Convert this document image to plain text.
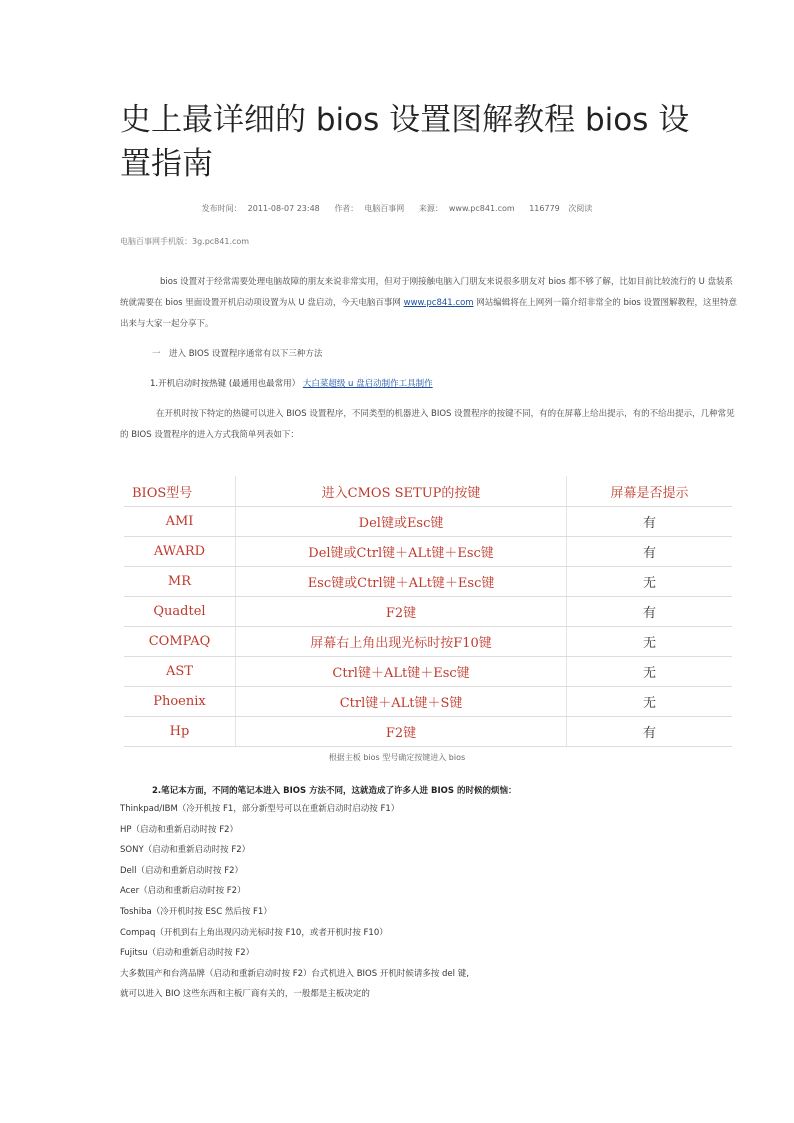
史上最详细的 bios 设置图解教程 bios 设置指南
发布时间： 2011-08-07 23:48 作者： 电脑百事网 来源： www.pc841.com 116779 次阅读
电脑百事网手机版：3g.pc841.com
bios 设置对于经常需要处理电脑故障的朋友来说非常实用，但对于刚接触电脑入门朋友来说很多朋友对 bios 都不够了解，比如目前比较流行的 U 盘装系统就需要在 bios 里面设置开机启动项设置为从 U 盘启动，今天电脑百事网 www.pc841.com 网站编辑将在上网列一篇介绍非常全的 bios 设置图解教程，这里特意出来与大家一起分享下。
一　进入 BIOS 设置程序通常有以下三种方法
1.开机启动时按热键 (最通用也最常用） 大白菜超级 u 盘启动制作工具制作
在开机时按下特定的热键可以进入 BIOS 设置程序，不同类型的机器进入 BIOS 设置程序的按键不同，有的在屏幕上给出提示，有的不给出提示，几种常见的 BIOS 设置程序的进入方式我简单列表如下：
BIOS型号	进入CMOS SETUP的按键	屏幕是否提示
AMI	Del键或Esc键	有
AWARD	Del键或Ctrl键＋ALt键＋Esc键	有
MR	Esc键或Ctrl键＋ALt键＋Esc键	无
Quadtel	F2键	有
COMPAQ	屏幕右上角出现光标时按F10键	无
AST	Ctrl键＋ALt键＋Esc键	无
Phoenix	Ctrl键＋ALt键＋S键	无
Hp	F2键	有
根据主板 bios 型号确定按键进入 bios
2.笔记本方面，不同的笔记本进入 BIOS 方法不同，这就造成了许多人进 BIOS 的时候的烦恼：
Thinkpad/IBM（冷开机按 F1，部分新型号可以在重新启动时启动按 F1）
HP（启动和重新启动时按 F2）
SONY（启动和重新启动时按 F2）
Dell（启动和重新启动时按 F2）
Acer（启动和重新启动时按 F2）
Toshiba（冷开机时按 ESC 然后按 F1）
Compaq（开机到右上角出现闪动光标时按 F10，或者开机时按 F10）
Fujitsu（启动和重新启动时按 F2）
大多数国产和台湾品牌（启动和重新启动时按 F2）台式机进入 BIOS 开机时候请多按 del 键,
就可以进入 BIO 这些东西和主板厂商有关的，一般都是主板决定的
